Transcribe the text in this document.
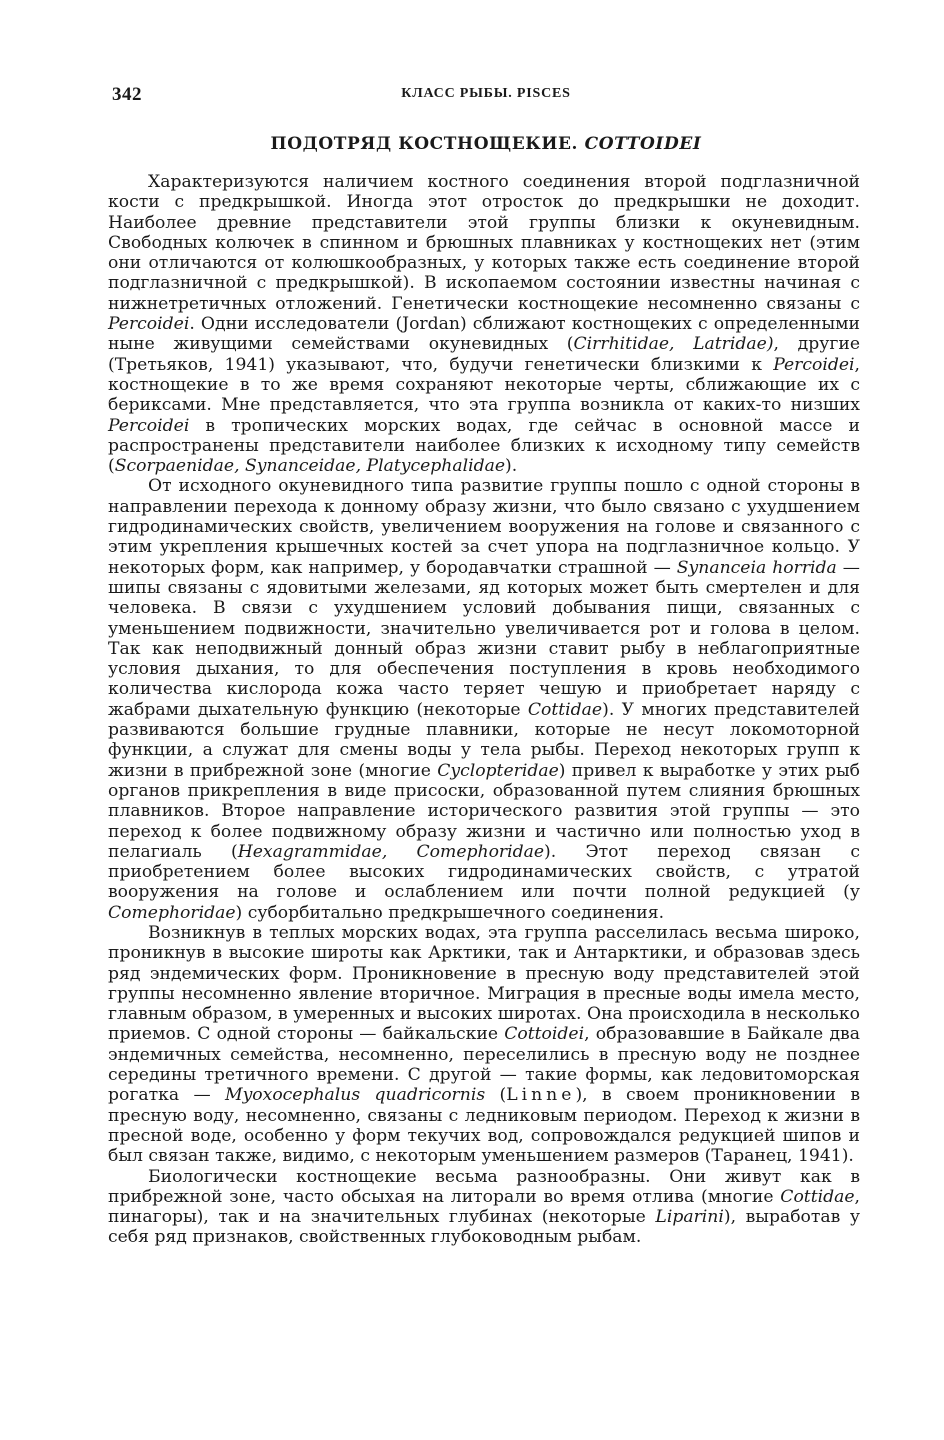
342	КЛАСС РЫБЫ. PISCES
ПОДОТРЯД КОСТНОЩЕКИЕ. COTTOIDEI

Характеризуются наличием костного соединения второй подглазничной кости с предкрышкой. Иногда этот отросток до предкрышки не доходит. Наиболее древние представители этой группы близки к окуневидным. Свободных колючек в спинном и брюшных плавниках у костнощеких нет (этим они отличаются от колюшкообразных, у которых также есть соединение второй подглазничной с предкрышкой). В ископаемом состоянии известны начиная с нижнетретичных отложений. Генетически костнощекие несомненно связаны с Percoidei. Одни исследователи (Jordan) сближают костнощеких с определенными ныне живущими семействами окуневидных (Cirrhitidae, Latridae), другие (Третьяков, 1941) указывают, что, будучи генетически близкими к Percoidei, костнощекие в то же время сохраняют некоторые черты, сближающие их с бериксами. Мне представляется, что эта группа возникла от каких-то низших Percoidei в тропических морских водах, где сейчас в основной массе и распространены представители наиболее близких к исходному типу семейств (Scorpaenidae, Synanceidae, Platycephalidae).

От исходного окуневидного типа развитие группы пошло с одной стороны в направлении перехода к донному образу жизни, что было связано с ухудшением гидродинамических свойств, увеличением вооружения на голове и связанного с этим укрепления крышечных костей за счет упора на подглазничное кольцо. У некоторых форм, как например, у бородавчатки страшной — Synanceia horrida — шипы связаны с ядовитыми железами, яд которых может быть смертелен и для человека. В связи с ухудшением условий добывания пищи, связанных с уменьшением подвижности, значительно увеличивается рот и голова в целом. Так как неподвижный донный образ жизни ставит рыбу в неблагоприятные условия дыхания, то для обеспечения поступления в кровь необходимого количества кислорода кожа часто теряет чешую и приобретает наряду с жабрами дыхательную функцию (некоторые Cottidae). У многих представителей развиваются большие грудные плавники, которые не несут локомоторной функции, а служат для смены воды у тела рыбы. Переход некоторых групп к жизни в прибрежной зоне (многие Cyclopteridae) привел к выработке у этих рыб органов прикрепления в виде присоски, образованной путем слияния брюшных плавников. Второе направление исторического развития этой группы — это переход к более подвижному образу жизни и частично или полностью уход в пелагиаль (Hexagrammidae, Comephoridae). Этот переход связан с приобретением более высоких гидродинамических свойств, с утратой вооружения на голове и ослаблением или почти полной редукцией (у Comephoridae) суборбитально предкрышечного соединения.

Возникнув в теплых морских водах, эта группа расселилась весьма широко, проникнув в высокие широты как Арктики, так и Антарктики, и образовав здесь ряд эндемических форм. Проникновение в пресную воду представителей этой группы несомненно явление вторичное. Миграция в пресные воды имела место, главным образом, в умеренных и высоких широтах. Она происходила в несколько приемов. С одной стороны — байкальские Cottoidei, образовавшие в Байкале два эндемичных семейства, несомненно, переселились в пресную воду не позднее середины третичного времени. С другой — такие формы, как ледовитоморская рогатка — Myoxocephalus quadricornis (Linne), в своем проникновении в пресную воду, несомненно, связаны с ледниковым периодом. Переход к жизни в пресной воде, особенно у форм текучих вод, сопровождался редукцией шипов и был связан также, видимо, с некоторым уменьшением размеров (Таранец, 1941).

Биологически костнощекие весьма разнообразны. Они живут как в прибрежной зоне, часто обсыхая на литорали во время отлива (многие Cottidae, пинагоры), так и на значительных глубинах (некоторые Liparini), выработав у себя ряд признаков, свойственных глубоководным рыбам.
